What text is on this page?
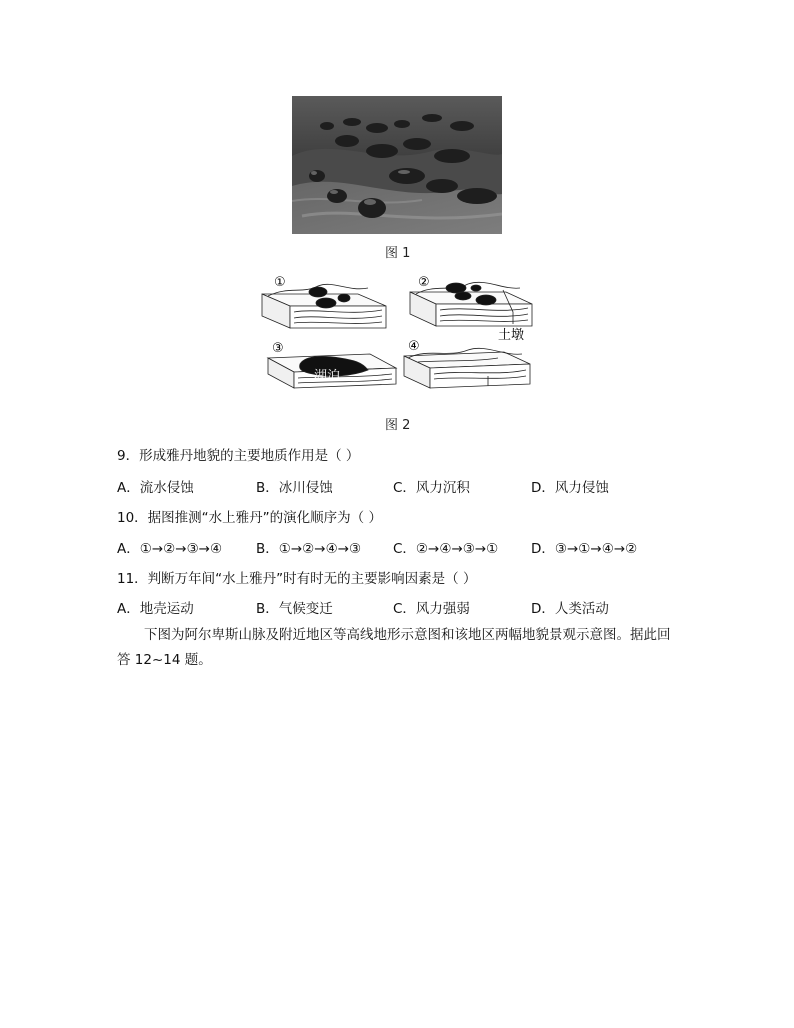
图 1
①	②
土墩
③
湖泊
④
图 2
9．形成雅丹地貌的主要地质作用是（ ）
A．流水侵蚀	B．冰川侵蚀	C．风力沉积	D．风力侵蚀
10．据图推测“水上雅丹”的演化顺序为（ ）
A．①→②→③→④	B．①→②→④→③ C．②→④→③→① D．③→①→④→②
11．判断万年间“水上雅丹”时有时无的主要影响因素是（ ）
A．地壳运动	B．气候变迁	C．风力强弱	D．人类活动
下图为阿尔卑斯山脉及附近地区等高线地形示意图和该地区两幅地貌景观示意图。据此回
答 12~14 题。
